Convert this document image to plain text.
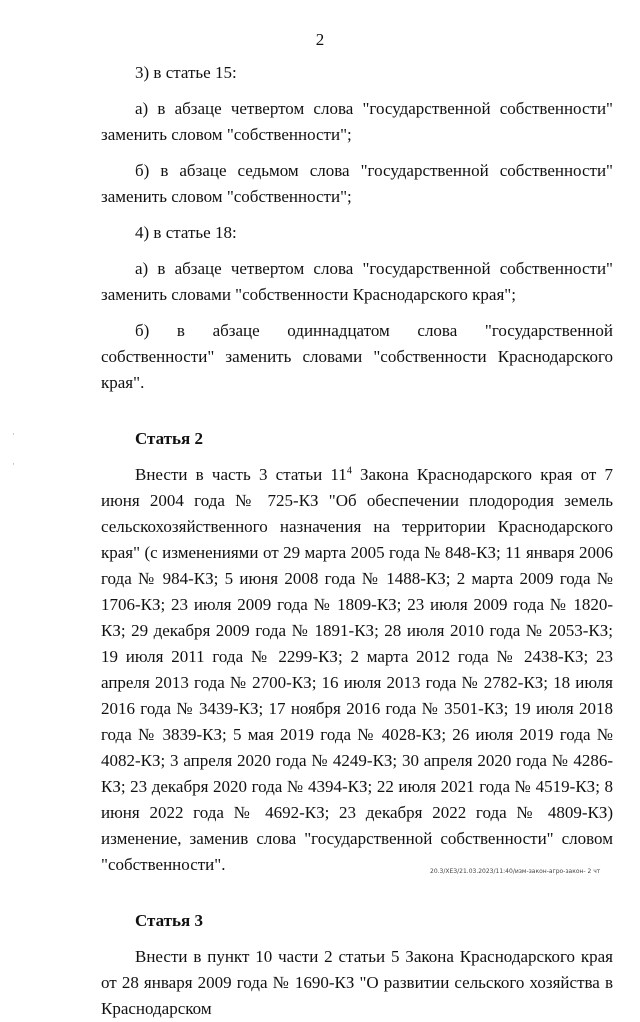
2
·
·

3) в статье 15:

а) в абзаце четвертом слова "государственной собственности" заменить словом "собственности";

б) в абзаце седьмом слова "государственной собственности" заменить словом "собственности";

4) в статье 18:

а) в абзаце четвертом слова "государственной собственности" заменить словами "собственности Краснодарского края";

б) в абзаце одиннадцатом слова "государственной собственности" заменить словами "собственности Краснодарского края".

Статья 2

Внести в часть 3 статьи $11^4$ Закона Краснодарского края от 7 июня 2004 года № 725-КЗ "Об обеспечении плодородия земель сельскохозяйственного назначения на территории Краснодарского края" (с изменениями от 29 марта 2005 года № 848-КЗ; 11 января 2006 года № 984-КЗ; 5 июня 2008 года № 1488-КЗ; 2 марта 2009 года № 1706-КЗ; 23 июля 2009 года № 1809-КЗ; 23 июля 2009 года № 1820-КЗ; 29 декабря 2009 года № 1891-КЗ; 28 июля 2010 года № 2053-КЗ; 19 июля 2011 года № 2299-КЗ; 2 марта 2012 года № 2438-КЗ; 23 апреля 2013 года № 2700-КЗ; 16 июля 2013 года № 2782-КЗ; 18 июля 2016 года № 3439-КЗ; 17 ноября 2016 года № 3501-КЗ; 19 июля 2018 года № 3839-КЗ; 5 мая 2019 года № 4028-КЗ; 26 июля 2019 года № 4082-КЗ; 3 апреля 2020 года № 4249-КЗ; 30 апреля 2020 года № 4286-КЗ; 23 декабря 2020 года № 4394-КЗ; 22 июля 2021 года № 4519-КЗ; 8 июня 2022 года № 4692-КЗ; 23 декабря 2022 года № 4809-КЗ) изменение, заменив слова "государственной собственности" словом "собственности".

Статья 3

Внести в пункт 10 части 2 статьи 5 Закона Краснодарского края от 28 января 2009 года № 1690-КЗ "О развитии сельского хозяйства в Краснодарском

20.3/ХЕЗ/21.03.2023/11:40/изм-закон-агро-закон- 2 чт
